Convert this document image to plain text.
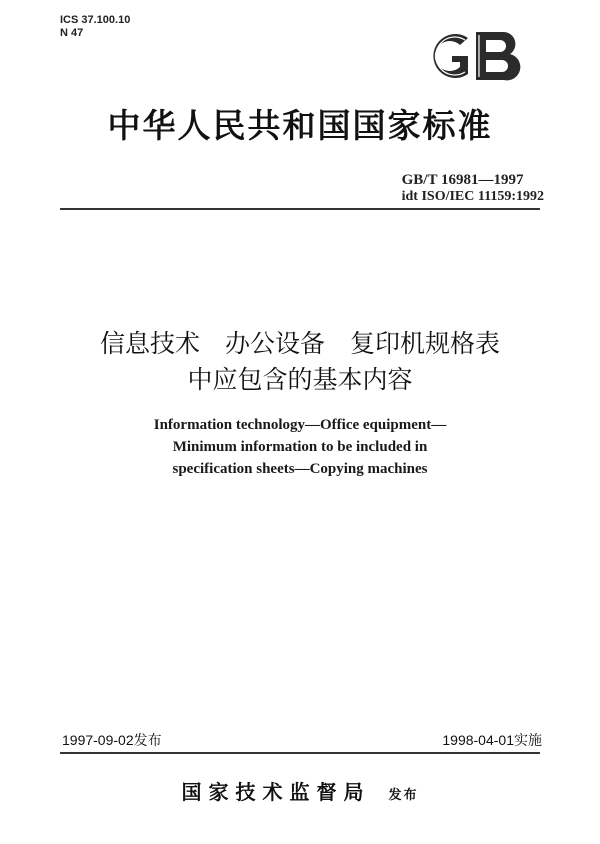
ICS 37.100.10
N 47
中华人民共和国国家标准
GB/T 16981—1997
idt ISO/IEC 11159:1992
信息技术　办公设备　复印机规格表
中应包含的基本内容
Information technology—Office equipment—
Minimum information to be included in
specification sheets—Copying machines
1997-09-02发布	1998-04-01实施
国家技术监督局 发布
